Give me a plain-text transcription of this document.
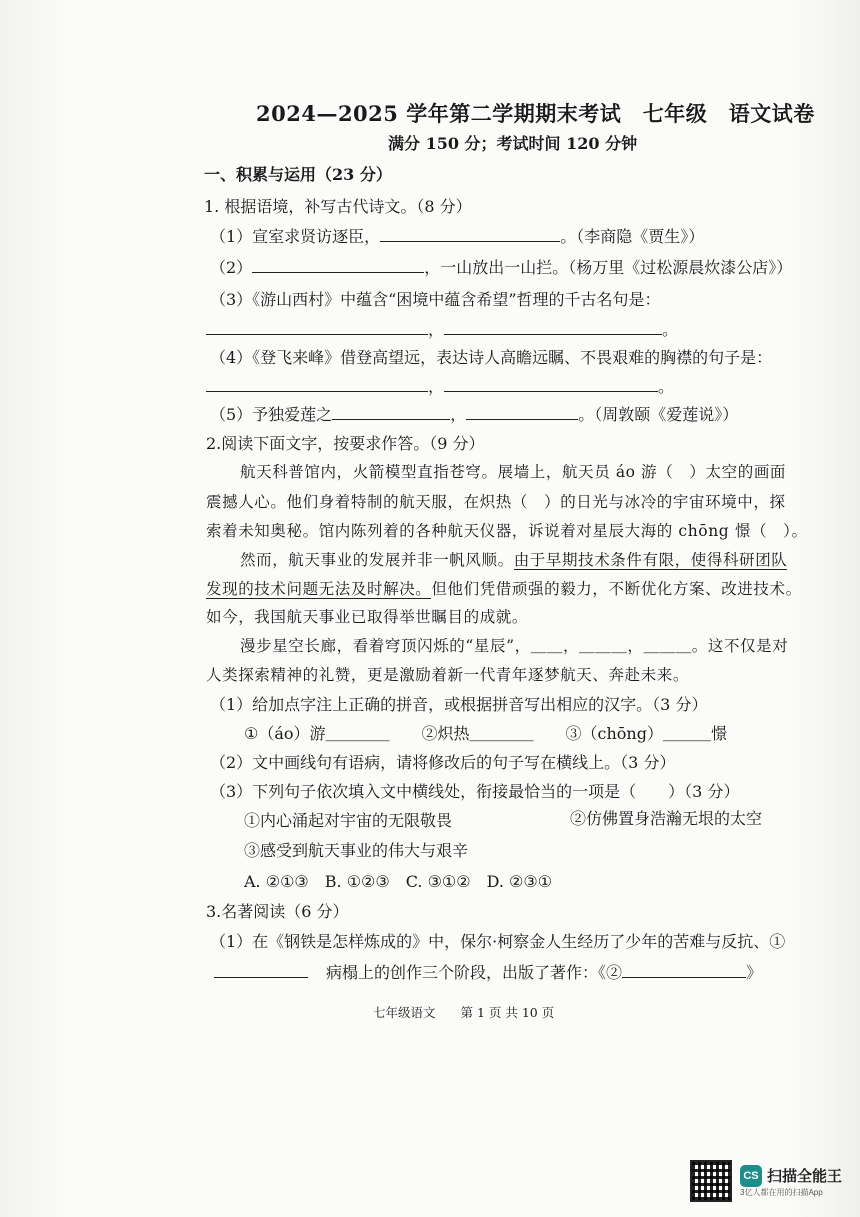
2024—2025 学年第二学期期末考试　七年级　语文试卷
满分 150 分；考试时间 120 分钟
一、积累与运用（23 分）
1. 根据语境，补写古代诗文。（8 分）
（1）宣室求贤访逐臣，	。（李商隐《贾生》）
（2）	，一山放出一山拦。（杨万里《过松源晨炊漆公店》）
（3）《游山西村》中蕴含“困境中蕴含希望”哲理的千古名句是：
，	。
（4）《登飞来峰》借登高望远，表达诗人高瞻远瞩、不畏艰难的胸襟的句子是：
，	。
（5）予独爱莲之	，	。（周敦颐《爱莲说》）
2.阅读下面文字，按要求作答。（9 分）
航天科普馆内，火箭模型直指苍穹。展墙上，航天员 áo 游（　）太空的画面
震撼人心。他们身着特制的航天服，在炽热（　）的日光与冰冷的宇宙环境中，探
索着未知奥秘。馆内陈列着的各种航天仪器，诉说着对星辰大海的 chōng 憬（　）。
然而，航天事业的发展并非一帆风顺。由于早期技术条件有限，使得科研团队
发现的技术问题无法及时解决。但他们凭借顽强的毅力，不断优化方案、改进技术。
如今，我国航天事业已取得举世瞩目的成就。
漫步星空长廊，看着穹顶闪烁的“星辰”，＿＿，＿＿＿，＿＿＿。这不仅是对
人类探索精神的礼赞，更是激励着新一代青年逐梦航天、奔赴未来。
（1）给加点字注上正确的拼音，或根据拼音写出相应的汉字。（3 分）
①（áo）游＿＿＿＿　　②炽热＿＿＿＿　　③（chōng）＿＿＿憬
（2）文中画线句有语病，请将修改后的句子写在横线上。（3 分）
（3）下列句子依次填入文中横线处，衔接最恰当的一项是（　　）（3 分）
①内心涌起对宇宙的无限敬畏	②仿佛置身浩瀚无垠的太空
③感受到航天事业的伟大与艰辛
A. ②①③　B. ①②③　C. ③①②　D. ②③①
3.名著阅读（6 分）
（1）在《钢铁是怎样炼成的》中，保尔·柯察金人生经历了少年的苦难与反抗、①
病榻上的创作三个阶段，出版了著作：《②	》
七年级语文　　第 1 页 共 10 页
CS 扫描全能王
3亿人都在用的扫描App
